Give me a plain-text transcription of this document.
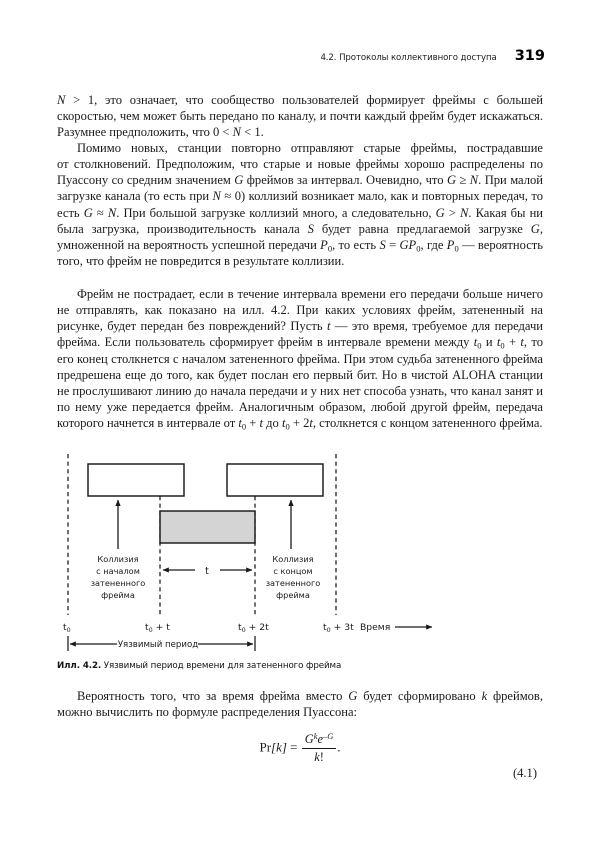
4.2. Протоколы коллективного доступа 319

N > 1, это означает, что сообщество пользователей формирует фреймы с большей скоростью, чем может быть передано по каналу, и почти каждый фрейм будет искажаться. Разумнее предположить, что 0 < N < 1.

Помимо новых, станции повторно отправляют старые фреймы, пострадавшие от столкновений. Предположим, что старые и новые фреймы хорошо распределены по Пуассону со средним значением G фреймов за интервал. Очевидно, что G ≥ N. При малой загрузке канала (то есть при N ≈ 0) коллизий возникает мало, как и повторных передач, то есть G ≈ N. При большой загрузке коллизий много, а следовательно, G > N. Какая бы ни была загрузка, производительность канала S будет равна предлагаемой загрузке G, умноженной на вероятность успешной передачи $P_0$, то есть $S = GP_0$, где $P_0$ — вероятность того, что фрейм не повредится в результате коллизии.

Фрейм не пострадает, если в течение интервала времени его передачи больше ничего не отправлять, как показано на илл. 4.2. При каких условиях фрейм, затененный на рисунке, будет передан без повреждений? Пусть t — это время, требуемое для передачи фрейма. Если пользователь сформирует фрейм в интервале времени между $t_0$ и $t_0 + t$, то его конец столкнется с началом затененного фрейма. При этом судьба затененного фрейма предрешена еще до того, как будет послан его первый бит. Но в чистой ALOHA станции не прослушивают линию до начала передачи и у них нет способа узнать, что канал занят и по нему уже передается фрейм. Аналогичным образом, любой другой фрейм, передача которого начнется в интервале от $t_0 + t$ до $t_0 + 2t$, столкнется с концом затененного фрейма.

Коллизия
с началом
затененного
фрейма
Коллизия
с концом
затененного
фрейма
t
$t_0$	$t_0 + t$	$t_0 + 2t$	$t_0 + 3t$ Время
Уязвимый период
Илл. 4.2. Уязвимый период времени для затененного фрейма

Вероятность того, что за время фрейма вместо G будет сформировано k фреймов, можно вычислить по формуле распределения Пуассона:

$Pr[k] = \frac{G^ke^{-G}}{k!}$ .
(4.1)
